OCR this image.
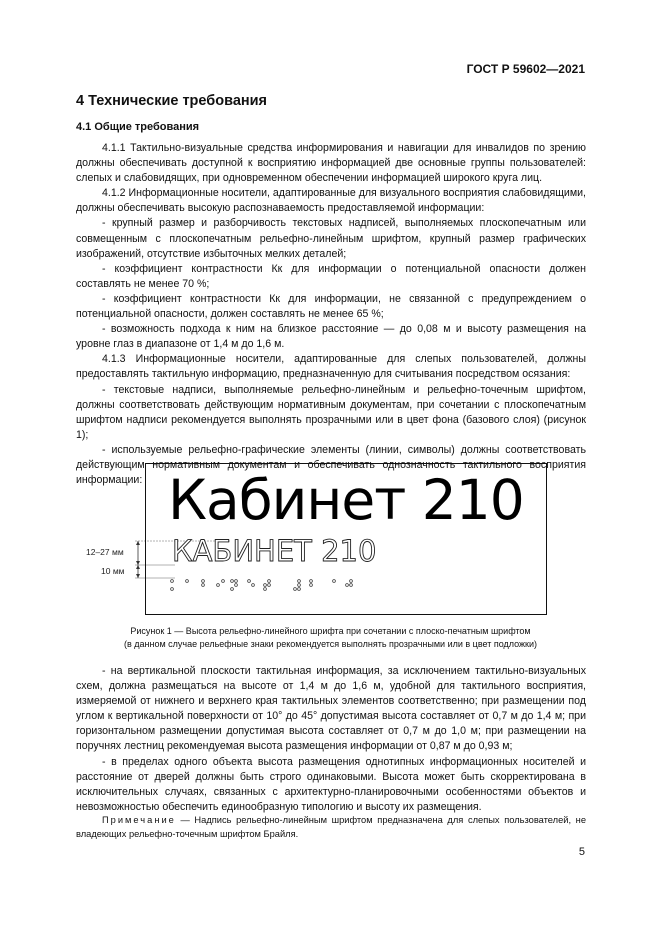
ГОСТ Р 59602—2021
4 Технические требования
4.1 Общие требования

4.1.1 Тактильно-визуальные средства информирования и навигации для инвалидов по зрению должны обеспечивать доступной к восприятию информацией две основные группы пользователей: слепых и слабовидящих, при одновременном обеспечении информацией широкого круга лиц.

4.1.2 Информационные носители, адаптированные для визуального восприятия слабовидящими, должны обеспечивать высокую распознаваемость предоставляемой информации:

- крупный размер и разборчивость текстовых надписей, выполняемых плоскопечатным или совмещенным с плоскопечатным рельефно-линейным шрифтом, крупный размер графических изображений, отсутствие избыточных мелких деталей;

- коэффициент контрастности Кк для информации о потенциальной опасности должен составлять не менее 70 %;

- коэффициент контрастности Кк для информации, не связанной с предупреждением о потенциальной опасности, должен составлять не менее 65 %;

- возможность подхода к ним на близкое расстояние — до 0,08 м и высоту размещения на уровне глаз в диапазоне от 1,4 м до 1,6 м.

4.1.3 Информационные носители, адаптированные для слепых пользователей, должны предоставлять тактильную информацию, предназначенную для считывания посредством осязания:

- текстовые надписи, выполняемые рельефно-линейным и рельефно-точечным шрифтом, должны соответствовать действующим нормативным документам, при сочетании с плоскопечатным шрифтом надписи рекомендуется выполнять прозрачными или в цвет фона (базового слоя) (рисунок 1);

- используемые рельефно-графические элементы (линии, символы) должны соответствовать действующим нормативным документам и обеспечивать однозначность тактильного восприятия информации:

12–27 мм
10 мм
Кабинет 210
КАБИНЕТ 210
Рисунок 1 — Высота рельефно-линейного шрифта при сочетании с плоско-печатным шрифтом
(в данном случае рельефные знаки рекомендуется выполнять прозрачными или в цвет подложки)

- на вертикальной плоскости тактильная информация, за исключением тактильно-визуальных схем, должна размещаться на высоте от 1,4 м до 1,6 м, удобной для тактильного восприятия, измеряемой от нижнего и верхнего края тактильных элементов соответственно; при размещении под углом к вертикальной поверхности от 10° до 45° допустимая высота составляет от 0,7 м до 1,4 м; при горизонтальном размещении допустимая высота составляет от 0,7 м до 1,0 м; при размещении на поручнях лестниц рекомендуемая высота размещения информации от 0,87 м до 0,93 м;

- в пределах одного объекта высота размещения однотипных информационных носителей и расстояние от дверей должны быть строго одинаковыми. Высота может быть скорректирована в исключительных случаях, связанных с архитектурно-планировочными особенностями объектов и невозможностью обеспечить единообразную типологию и высоту их размещения.

Примечание — Надпись рельефно-линейным шрифтом предназначена для слепых пользователей, не владеющих рельефно-точечным шрифтом Брайля.
5
